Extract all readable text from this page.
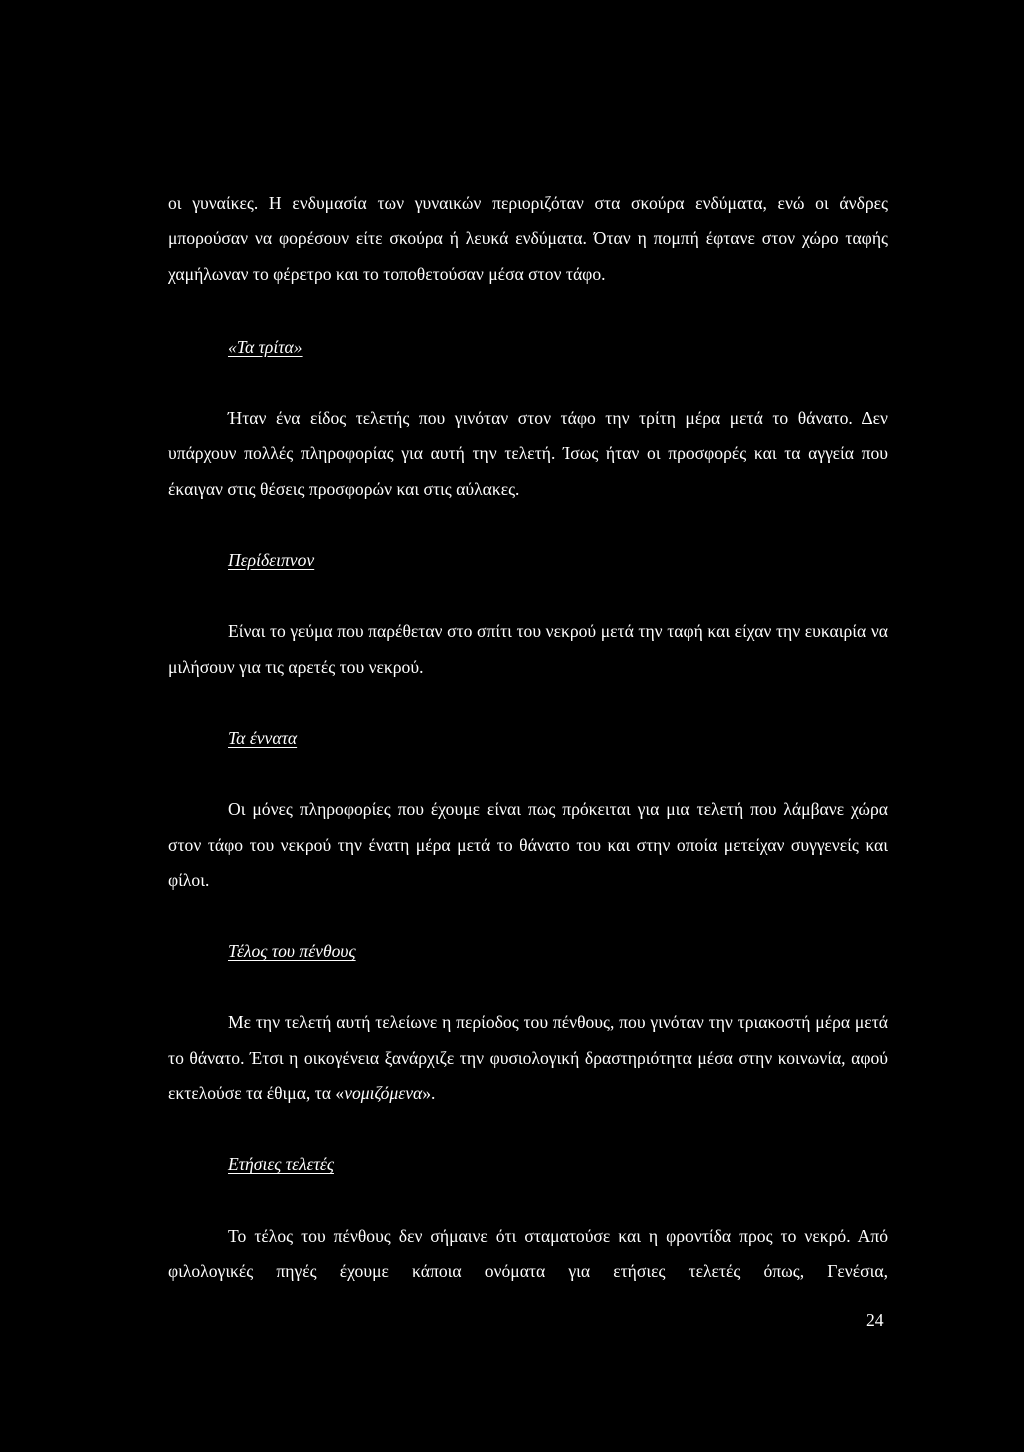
οι γυναίκες. Η ενδυμασία των γυναικών περιοριζόταν στα σκούρα ενδύματα, ενώ οι άνδρες μπορούσαν να φορέσουν είτε σκούρα ή λευκά ενδύματα. Όταν η πομπή έφτανε στον χώρο ταφής χαμήλωναν το φέρετρο και το τοποθετούσαν μέσα στον τάφο.

«Τα τρίτα»

Ήταν ένα είδος τελετής που γινόταν στον τάφο την τρίτη μέρα μετά το θάνατο. Δεν υπάρχουν πολλές πληροφορίας για αυτή την τελετή. Ίσως ήταν οι προσφορές και τα αγγεία που έκαιγαν στις θέσεις προσφορών και στις αύλακες.

Περίδειπνον

Είναι το γεύμα που παρέθεταν στο σπίτι του νεκρού μετά την ταφή και είχαν την ευκαιρία να μιλήσουν για τις αρετές του νεκρού.

Τα έννατα

Οι μόνες πληροφορίες που έχουμε είναι πως πρόκειται για μια τελετή που λάμβανε χώρα στον τάφο του νεκρού την ένατη μέρα μετά το θάνατο του και στην οποία μετείχαν συγγενείς και φίλοι.

Τέλος του πένθους

Με την τελετή αυτή τελείωνε η περίοδος του πένθους, που γινόταν την τριακοστή μέρα μετά το θάνατο. Έτσι η οικογένεια ξανάρχιζε την φυσιολογική δραστηριότητα μέσα στην κοινωνία, αφού εκτελούσε τα έθιμα, τα «νομιζόμενα».

Ετήσιες τελετές

Το τέλος του πένθους δεν σήμαινε ότι σταματούσε και η φροντίδα προς το νεκρό. Από φιλολογικές πηγές έχουμε κάποια ονόματα για ετήσιες τελετές όπως, Γενέσια,

24
